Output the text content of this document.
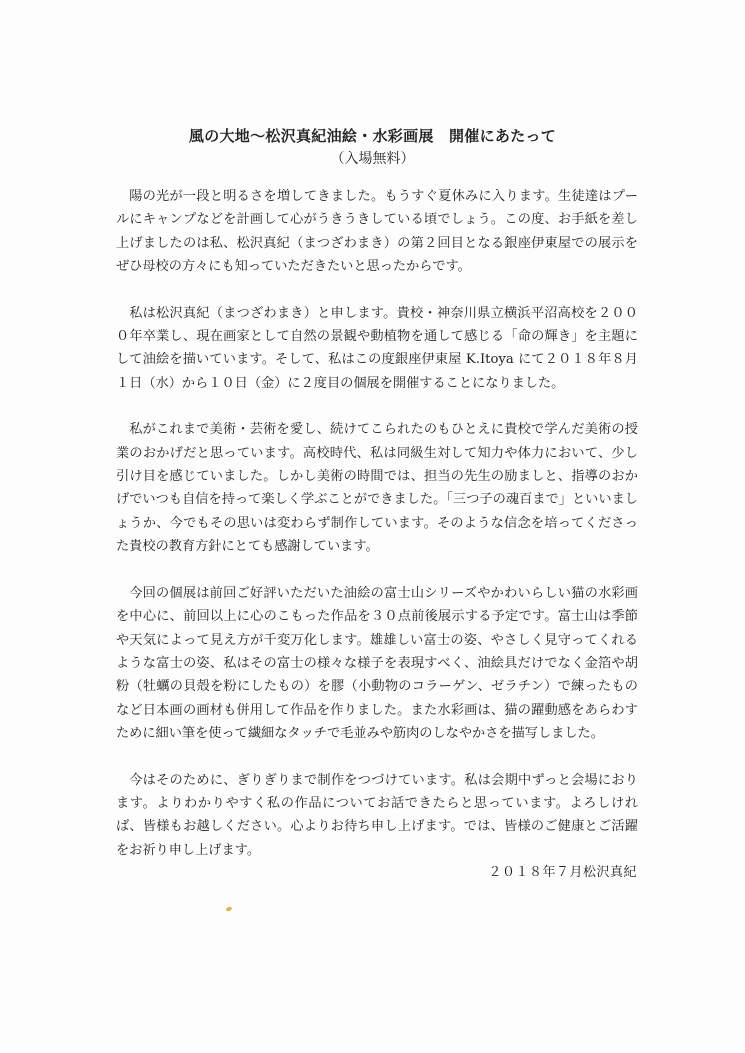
風の大地〜松沢真紀油絵・水彩画展　開催にあたって
（入場無料）

陽の光が一段と明るさを増してきました。もうすぐ夏休みに入ります。生徒達はプールにキャンプなどを計画して心がうきうきしている頃でしょう。この度、お手紙を差し上げましたのは私、松沢真紀（まつざわまき）の第２回目となる銀座伊東屋での展示をぜひ母校の方々にも知っていただきたいと思ったからです。

私は松沢真紀（まつざわまき）と申します。貴校・神奈川県立横浜平沼高校を２０００年卒業し、現在画家として自然の景観や動植物を通して感じる「命の輝き」を主題にして油絵を描いています。そして、私はこの度銀座伊東屋 K.Itoya にて２０１８年８月１日（水）から１０日（金）に２度目の個展を開催することになりました。

私がこれまで美術・芸術を愛し、続けてこられたのもひとえに貴校で学んだ美術の授業のおかげだと思っています。高校時代、私は同級生対して知力や体力において、少し引け目を感じていました。しかし美術の時間では、担当の先生の励ましと、指導のおかげでいつも自信を持って楽しく学ぶことができました。「三つ子の魂百まで」といいましょうか、今でもその思いは変わらず制作しています。そのような信念を培ってくださった貴校の教育方針にとても感謝しています。

今回の個展は前回ご好評いただいた油絵の富士山シリーズやかわいらしい猫の水彩画を中心に、前回以上に心のこもった作品を３０点前後展示する予定です。富士山は季節や天気によって見え方が千変万化します。雄雄しい富士の姿、やさしく見守ってくれるような富士の姿、私はその富士の様々な様子を表現すべく、油絵具だけでなく金箔や胡粉（牡蠣の貝殻を粉にしたもの）を膠（小動物のコラーゲン、ゼラチン）で練ったものなど日本画の画材も併用して作品を作りました。また水彩画は、猫の躍動感をあらわすために細い筆を使って繊細なタッチで毛並みや筋肉のしなやかさを描写しました。

今はそのために、ぎりぎりまで制作をつづけています。私は会期中ずっと会場におります。よりわかりやすく私の作品についてお話できたらと思っています。よろしければ、皆様もお越しください。心よりお待ち申し上げます。では、皆様のご健康とご活躍をお祈り申し上げます。

２０１８年７月松沢真紀
